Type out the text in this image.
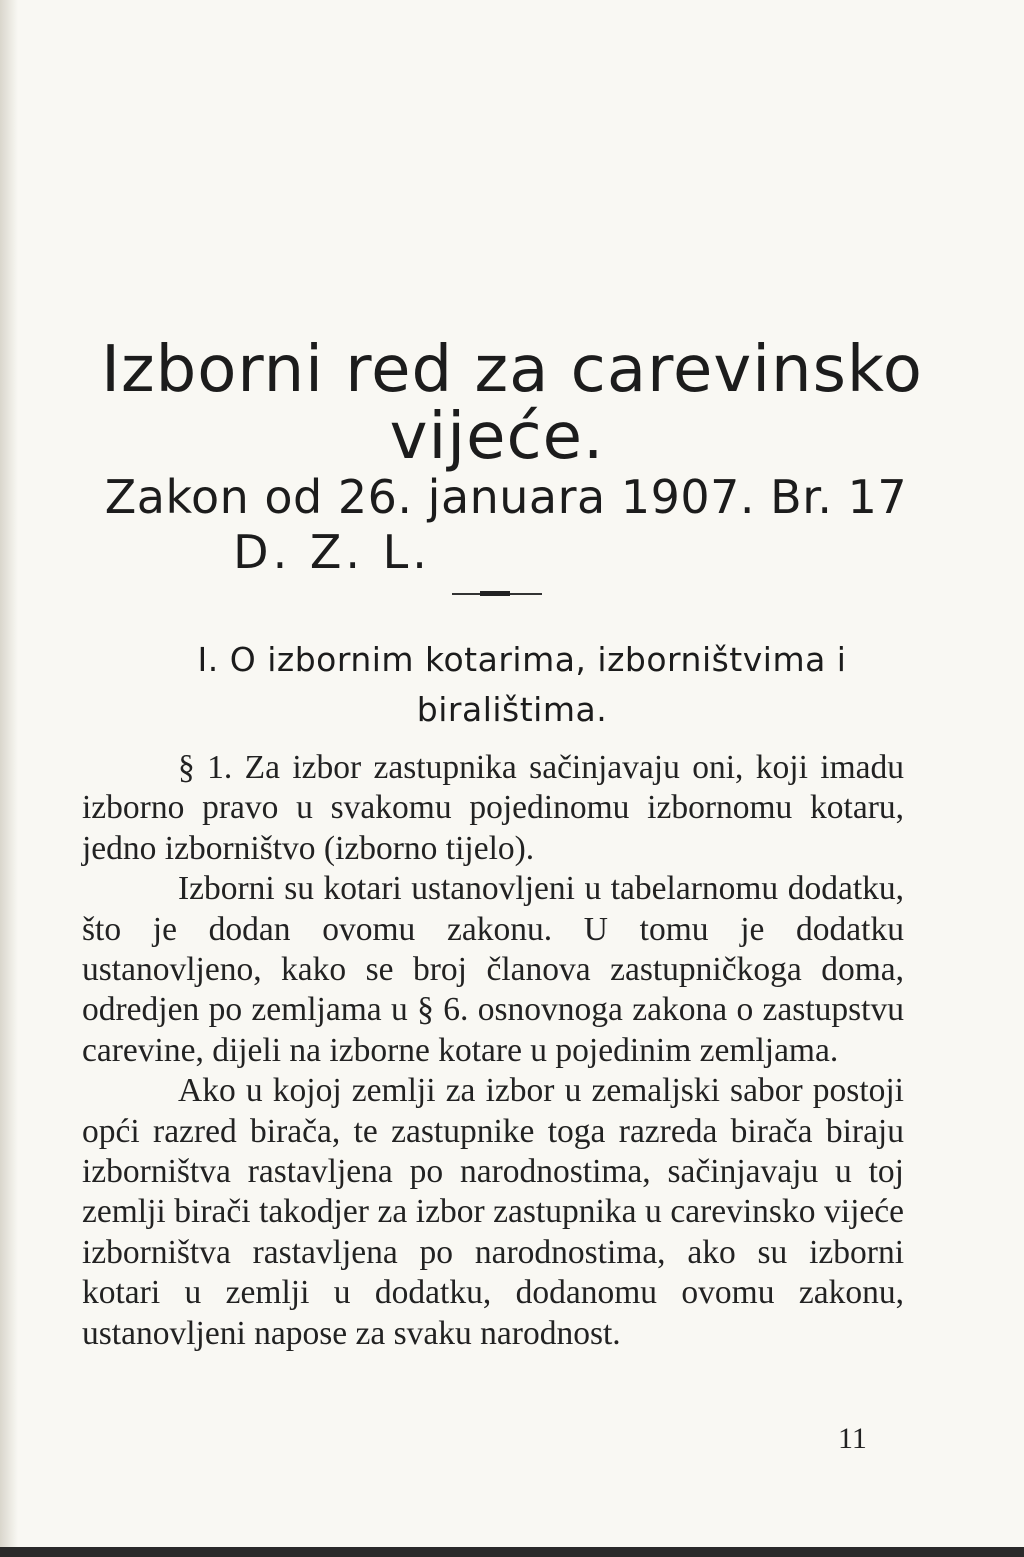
Izborni red za carevinsko
vijeće.
Zakon od 26. januara 1907. Br. 17
D. Z. L.
I. O izbornim kotarima, izborništvima i
biralištima.

§ 1. Za izbor zastupnika sačinjavaju oni, koji imadu izborno pravo u svakomu pojedinomu izbornomu kotaru, jedno izborništvo (izborno tijelo).

Izborni su kotari ustanovljeni u tabelarnomu dodatku, što je dodan ovomu zakonu. U tomu je dodatku ustanovljeno, kako se broj članova zastupničkoga doma, odredjen po zemljama u § 6. osnovnoga zakona o zastupstvu carevine, dijeli na izborne kotare u pojedinim zemljama.

Ako u kojoj zemlji za izbor u zemaljski sabor postoji opći razred birača, te zastupnike toga razreda birača biraju izborništva rastavljena po narodnostima, sačinjavaju u toj zemlji birači takodjer za izbor zastupnika u carevinsko vijeće izborništva rastavljena po narodnostima, ako su izborni kotari u zemlji u dodatku, dodanomu ovomu zakonu, ustanovljeni napose za svaku narodnost.

11
